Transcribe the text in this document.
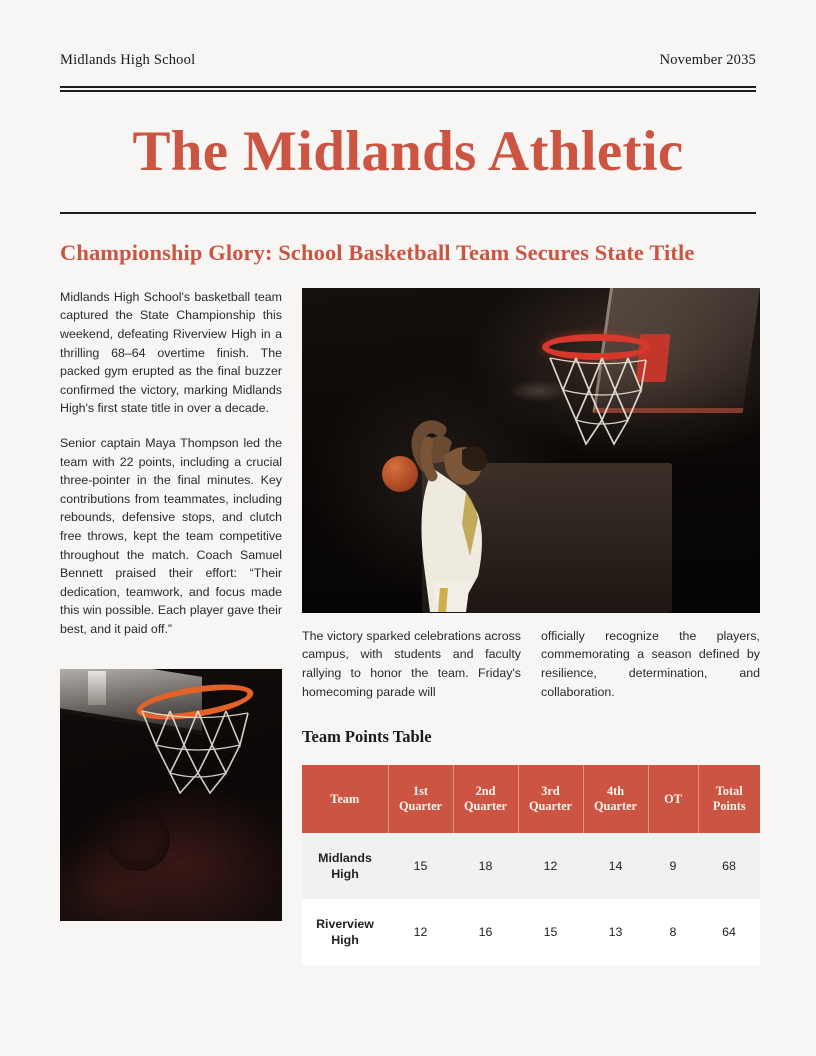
Midlands High School	November 2035
The Midlands Athletic
Championship Glory: School Basketball Team Secures State Title

Midlands High School's basketball team captured the State Championship this weekend, defeating Riverview High in a thrilling 68–64 overtime finish. The packed gym erupted as the final buzzer confirmed the victory, marking Midlands High's first state title in over a decade.

Senior captain Maya Thompson led the team with 22 points, including a crucial three-pointer in the final minutes. Key contributions from teammates, including rebounds, defensive stops, and clutch free throws, kept the team competitive throughout the match. Coach Samuel Bennett praised their effort: “Their dedication, teamwork, and focus made this win possible. Each player gave their best, and it paid off.”	The victory sparked celebrations across campus, with students and faculty rallying to honor the team. Friday's homecoming parade will

officially recognize the players, commemorating a season defined by resilience, determination, and collaboration.

Team Points Table
Team	1st Quarter	2nd Quarter	3rd Quarter	4th Quarter	OT	Total Points
Midlands High	15	18	12	14	9	68
Riverview High	12	16	15	13	8	64
